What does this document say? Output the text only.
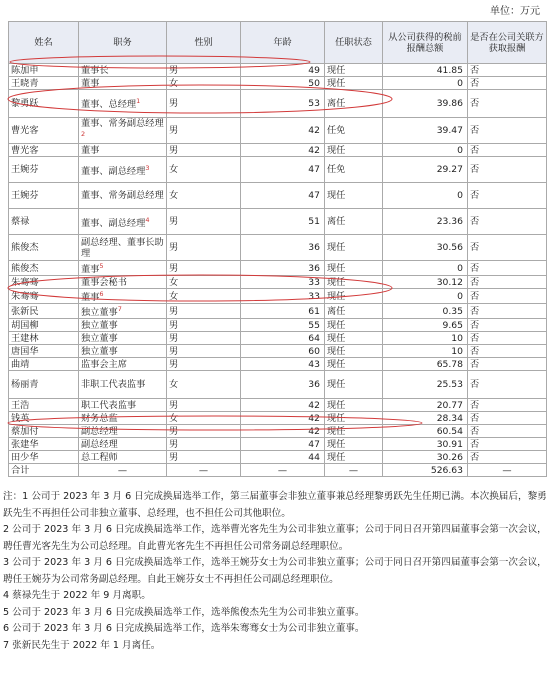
单位：万元
姓名	职务	性别	年龄	任职状态	从公司获得的税前报酬总额	是否在公司关联方获取报酬
陈加申	董事长	男	49	现任	41.85	否
王晓青	董事	女	50	现任	0	否
黎勇跃	董事、总经理$^1$	男	53	离任	39.86	否
曹光客	董事、常务副总经理$^2$	男	42	任免	39.47	否
曹光客	董事	男	42	现任	0	否
王婉芬	董事、副总经理$^3$	女	47	任免	29.27	否
王婉芬	董事、常务副总经理	女	47	现任	0	否
蔡禄	董事、副总经理$^4$	男	51	离任	23.36	否
熊俊杰	副总经理、董事长助理	男	36	现任	30.56	否
熊俊杰	董事$^5$	男	36	现任	0	否
朱骞骞	董事会秘书	女	33	现任	30.12	否
朱骞骞	董事$^6$	女	33	现任	0	否
张新民	独立董事$^7$	男	61	离任	0.35	否
胡国柳	独立董事	男	55	现任	9.65	否
王建林	独立董事	男	64	现任	10	否
唐国华	独立董事	男	60	现任	10	否
曲靖	监事会主席	男	43	现任	65.78	否
杨丽青	非职工代表监事	女	36	现任	25.53	否
王浩	职工代表监事	男	42	现任	20.77	否
钱英	财务总监	女	42	现任	28.34	否
蔡加付	副总经理	男	42	现任	60.54	否
张建华	副总经理	男	47	现任	30.91	否
田少华	总工程师	男	44	现任	30.26	否
合计	—	—	—	—	526.63	—

注：1 公司于 2023 年 3 月 6 日完成换届选举工作，第三届董事会非独立董事兼总经理黎勇跃先生任期已满。本次换届后，黎勇跃先生不再担任公司非独立董事、总经理，也不担任公司其他职位。

2 公司于 2023 年 3 月 6 日完成换届选举工作，选举曹光客先生为公司非独立董事；公司于同日召开第四届董事会第一次会议，聘任曹光客先生为公司总经理。自此曹光客先生不再担任公司常务副总经理职位。

3 公司于 2023 年 3 月 6 日完成换届选举工作，选举王婉芬女士为公司非独立董事；公司于同日召开第四届董事会第一次会议，聘任王婉芬为公司常务副总经理。自此王婉芬女士不再担任公司副总经理职位。

4 蔡禄先生于 2022 年 9 月离职。

5 公司于 2023 年 3 月 6 日完成换届选举工作，选举熊俊杰先生为公司非独立董事。

6 公司于 2023 年 3 月 6 日完成换届选举工作，选举朱骞骞女士为公司非独立董事。

7 张新民先生于 2022 年 1 月离任。
